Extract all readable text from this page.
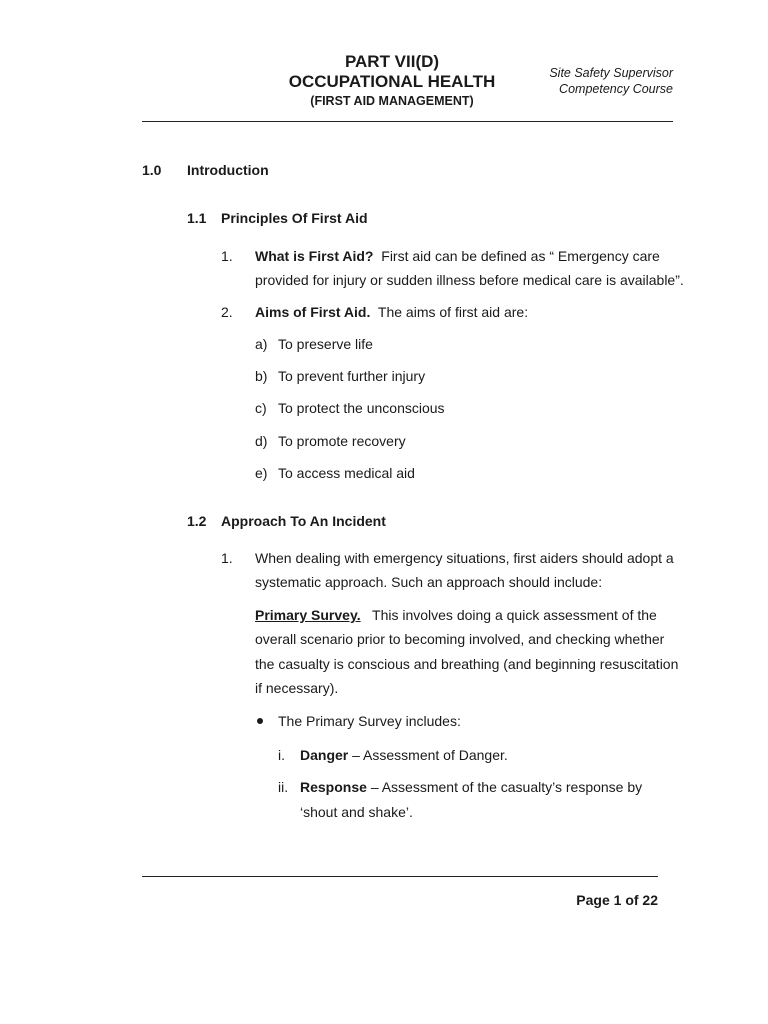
PART VII(D)
OCCUPATIONAL HEALTH
(FIRST AID MANAGEMENT)
Site Safety Supervisor
Competency Course
1.0 Introduction
1.1 Principles Of First Aid
1. What is First Aid? First aid can be defined as “ Emergency care
provided for injury or sudden illness before medical care is available”.
2. Aims of First Aid. The aims of first aid are:
a) To preserve life
b) To prevent further injury
c) To protect the unconscious
d) To promote recovery
e) To access medical aid
1.2 Approach To An Incident
1. When dealing with emergency situations, first aiders should adopt a
systematic approach. Such an approach should include:
Primary Survey. This involves doing a quick assessment of the
overall scenario prior to becoming involved, and checking whether
the casualty is conscious and breathing (and beginning resuscitation
if necessary).
The Primary Survey includes:
i. Danger – Assessment of Danger.
ii. Response – Assessment of the casualty’s response by
‘shout and shake’.
Page 1 of 22
